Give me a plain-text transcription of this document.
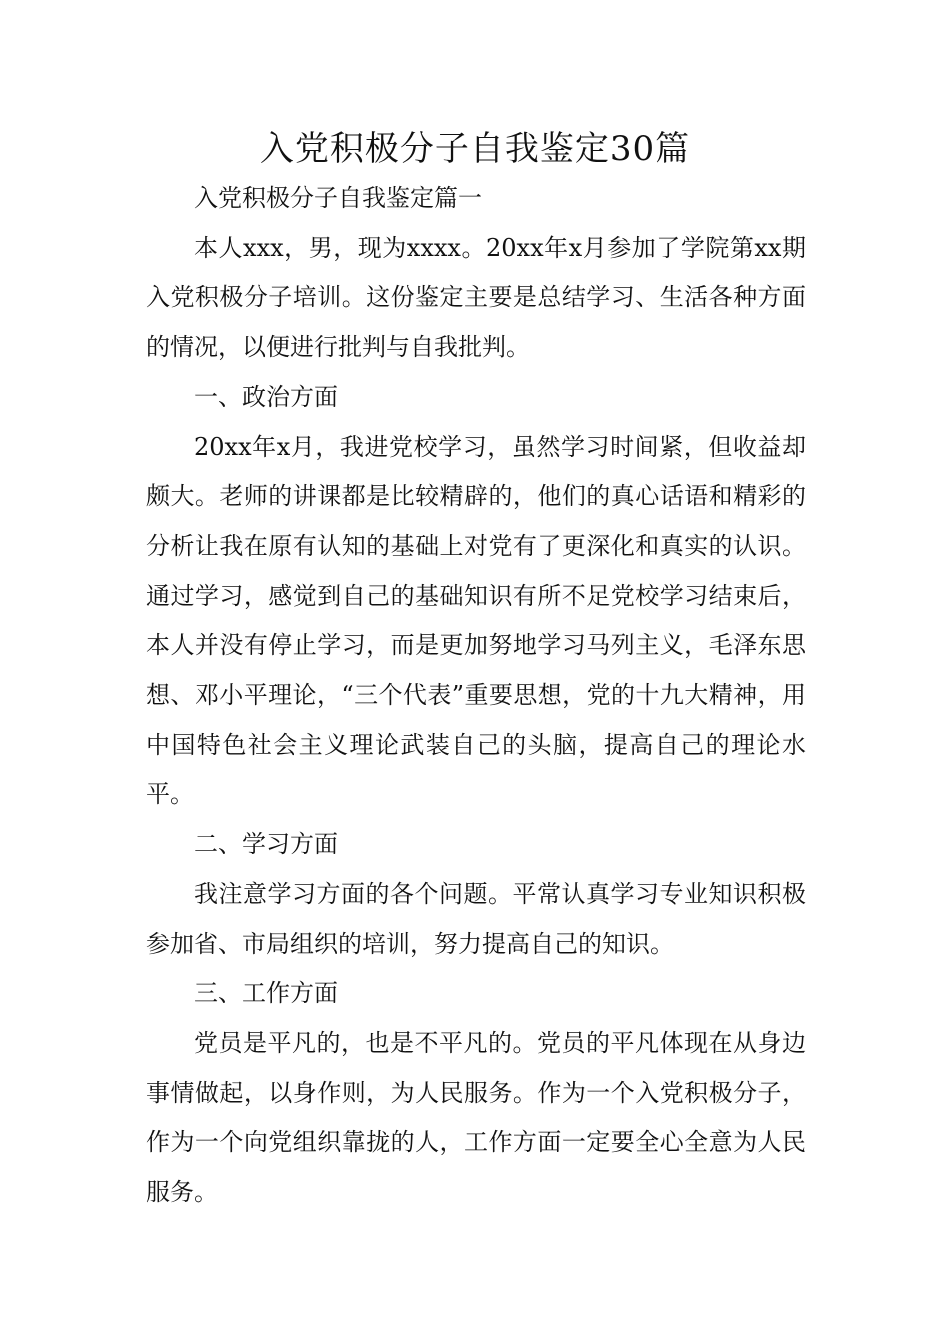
入党积极分子自我鉴定30篇

入党积极分子自我鉴定篇一

本人xxx，男，现为xxxx。20xx年x月参加了学院第xx期入党积极分子培训。这份鉴定主要是总结学习、生活各种方面的情况，以便进行批判与自我批判。

一、政治方面

20xx年x月，我进党校学习，虽然学习时间紧，但收益却颇大。老师的讲课都是比较精辟的，他们的真心话语和精彩的分析让我在原有认知的基础上对党有了更深化和真实的认识。通过学习，感觉到自己的基础知识有所不足党校学习结束后，本人并没有停止学习，而是更加努地学习马列主义，毛泽东思想、邓小平理论，“三个代表”重要思想，党的十九大精神，用中国特色社会主义理论武装自己的头脑，提高自己的理论水平。

二、学习方面

我注意学习方面的各个问题。平常认真学习专业知识积极参加省、市局组织的培训，努力提高自己的知识。

三、工作方面

党员是平凡的，也是不平凡的。党员的平凡体现在从身边事情做起，以身作则，为人民服务。作为一个入党积极分子，作为一个向党组织靠拢的人，工作方面一定要全心全意为人民服务。
